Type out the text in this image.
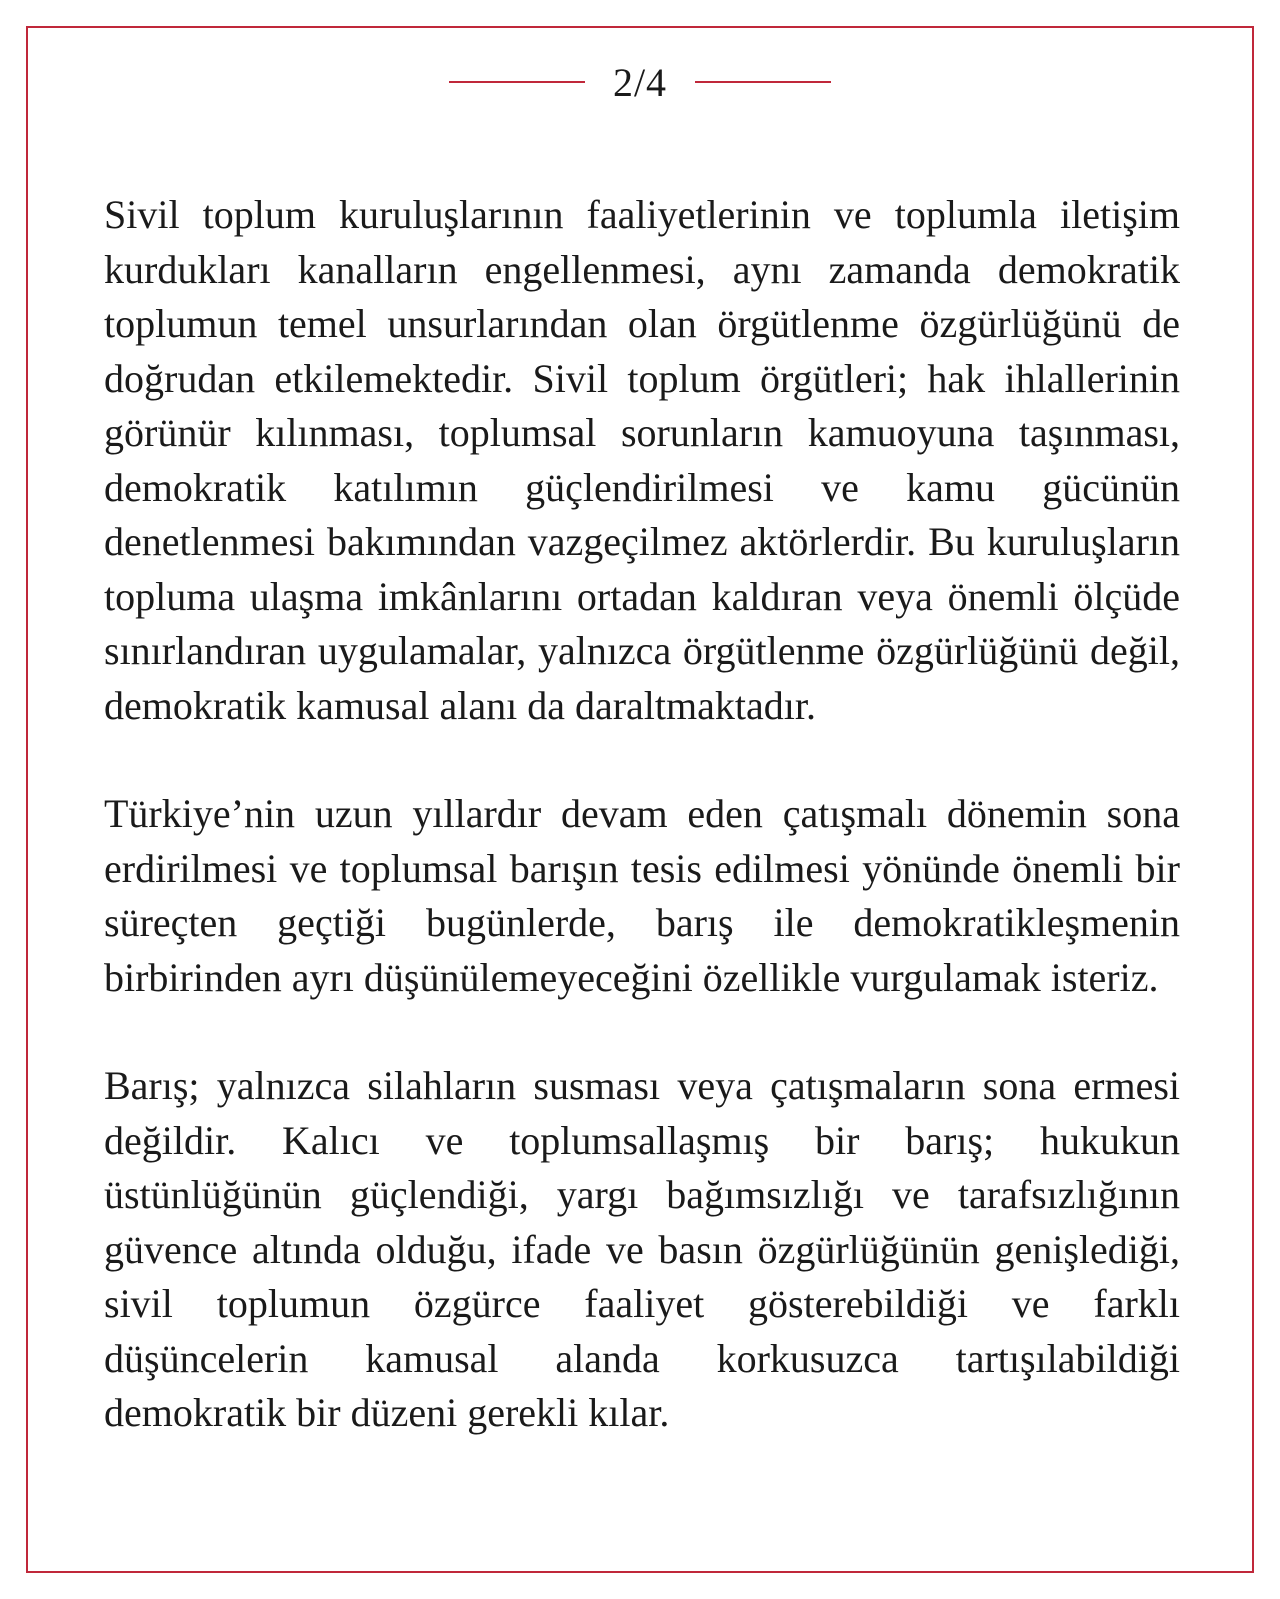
2/4

Sivil toplum kuruluşlarının faaliyetlerinin ve toplumla iletişim kurdukları kanalların engellenmesi, aynı zamanda demokratik toplumun temel unsurlarından olan örgütlenme özgürlüğünü de doğrudan etkilemektedir. Sivil toplum örgütleri; hak ihlallerinin görünür kılınması, toplumsal sorunların kamuoyuna taşınması, demokratik katılımın güçlendirilmesi ve kamu gücünün denetlenmesi bakımından vazgeçilmez aktörlerdir. Bu kuruluşların topluma ulaşma imkânlarını ortadan kaldıran veya önemli ölçüde sınırlandıran uygulamalar, yalnızca örgütlenme özgürlüğünü değil, demokratik kamusal alanı da daraltmaktadır.

Türkiye’nin uzun yıllardır devam eden çatışmalı dönemin sona erdirilmesi ve toplumsal barışın tesis edilmesi yönünde önemli bir süreçten geçtiği bugünlerde, barış ile demokratikleşmenin birbirinden ayrı düşünülemeyeceğini özellikle vurgulamak isteriz.

Barış; yalnızca silahların susması veya çatışmaların sona ermesi değildir. Kalıcı ve toplumsallaşmış bir barış; hukukun üstünlüğünün güçlendiği, yargı bağımsızlığı ve tarafsızlığının güvence altında olduğu, ifade ve basın özgürlüğünün genişlediği, sivil toplumun özgürce faaliyet gösterebildiği ve farklı düşüncelerin kamusal alanda korkusuzca tartışılabildiği demokratik bir düzeni gerekli kılar.
